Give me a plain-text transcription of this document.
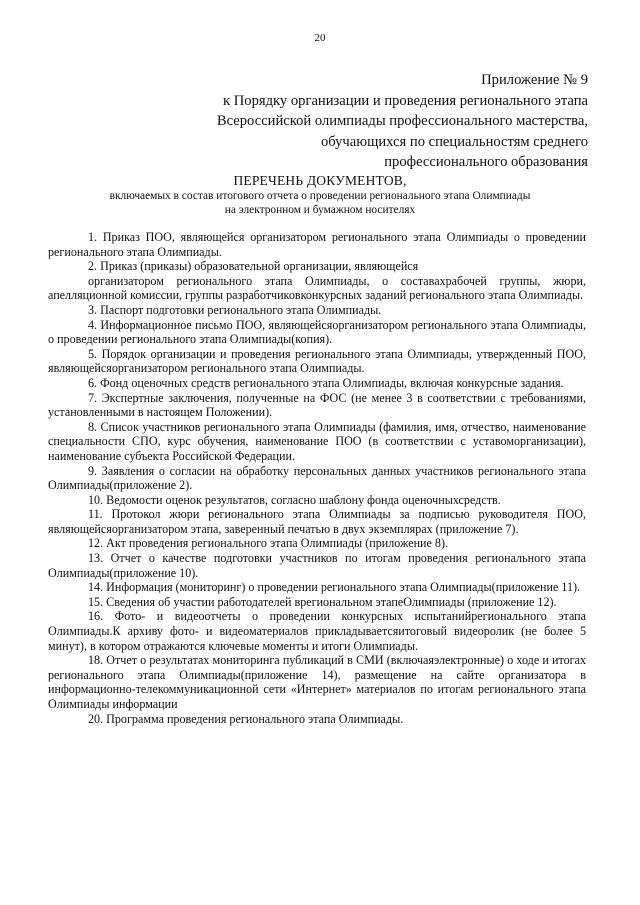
20
Приложение № 9
к Порядку организации и проведения регионального этапа
Всероссийской олимпиады профессионального мастерства,
обучающихся по специальностям среднего
профессионального образования
ПЕРЕЧЕНЬ ДОКУМЕНТОВ,
включаемых в состав итогового отчета о проведении регионального этапа Олимпиады
на электронном и бумажном носителях

1. Приказ ПОО, являющейся организатором регионального этапа Олимпиады о проведении регионального этапа Олимпиады.

2. Приказ (приказы) образовательной организации, являющейся

организатором регионального этапа Олимпиады, о составахрабочей группы, жюри, апелляционной комиссии, группы разработчиковконкурсных заданий регионального этапа Олимпиады.

3. Паспорт подготовки регионального этапа Олимпиады.

4. Информационное письмо ПОО, являющейсяорганизатором регионального этапа Олимпиады, о проведении регионального этапа Олимпиады(копия).

5. Порядок организации и проведения регионального этапа Олимпиады, утвержденный ПОО, являющейсяорганизатором регионального этапа Олимпиады.

6. Фонд оценочных средств регионального этапа Олимпиады, включая конкурсные задания.

7. Экспертные заключения, полученные на ФОС (не менее 3 в соответствии с требованиями, установленными в настоящем Положении).

8. Список участников регионального этапа Олимпиады (фамилия, имя, отчество, наименование специальности СПО, курс обучения, наименование ПОО (в соответствии с уставоморганизации), наименование субъекта Российской Федерации.

9. Заявления о согласии на обработку персональных данных участников регионального этапа Олимпиады(приложение 2).

10. Ведомости оценок результатов, согласно шаблону фонда оценочныхсредств.

11. Протокол жюри регионального этапа Олимпиады за подписью руководителя ПОО, являющейсяорганизатором этапа, заверенный печатью в двух экземплярах (приложение 7).

12. Акт проведения регионального этапа Олимпиады (приложение 8).

13. Отчет о качестве подготовки участников по итогам проведения регионального этапа Олимпиады(приложение 10).

14. Информация (мониторинг) о проведении регионального этапа Олимпиады(приложение 11).

15. Сведения об участии работодателей врегиональном этапеОлимпиады (приложение 12).

16. Фото- и видеоотчеты о проведении конкурсных испытанийрегионального этапа Олимпиады.К архиву фото- и видеоматериалов прикладываетсяитоговый видеоролик (не более 5 минут), в котором отражаются ключевые моменты и итоги Олимпиады.

18. Отчет о результатах мониторинга публикаций в СМИ (включаяэлектронные) о ходе и итогах регионального этапа Олимпиады(приложение 14), размещение на сайте организатора в информационно-телекоммуникационной сети «Интернет» материалов по итогам регионального этапа Олимпиады информации

20. Программа проведения регионального этапа Олимпиады.
